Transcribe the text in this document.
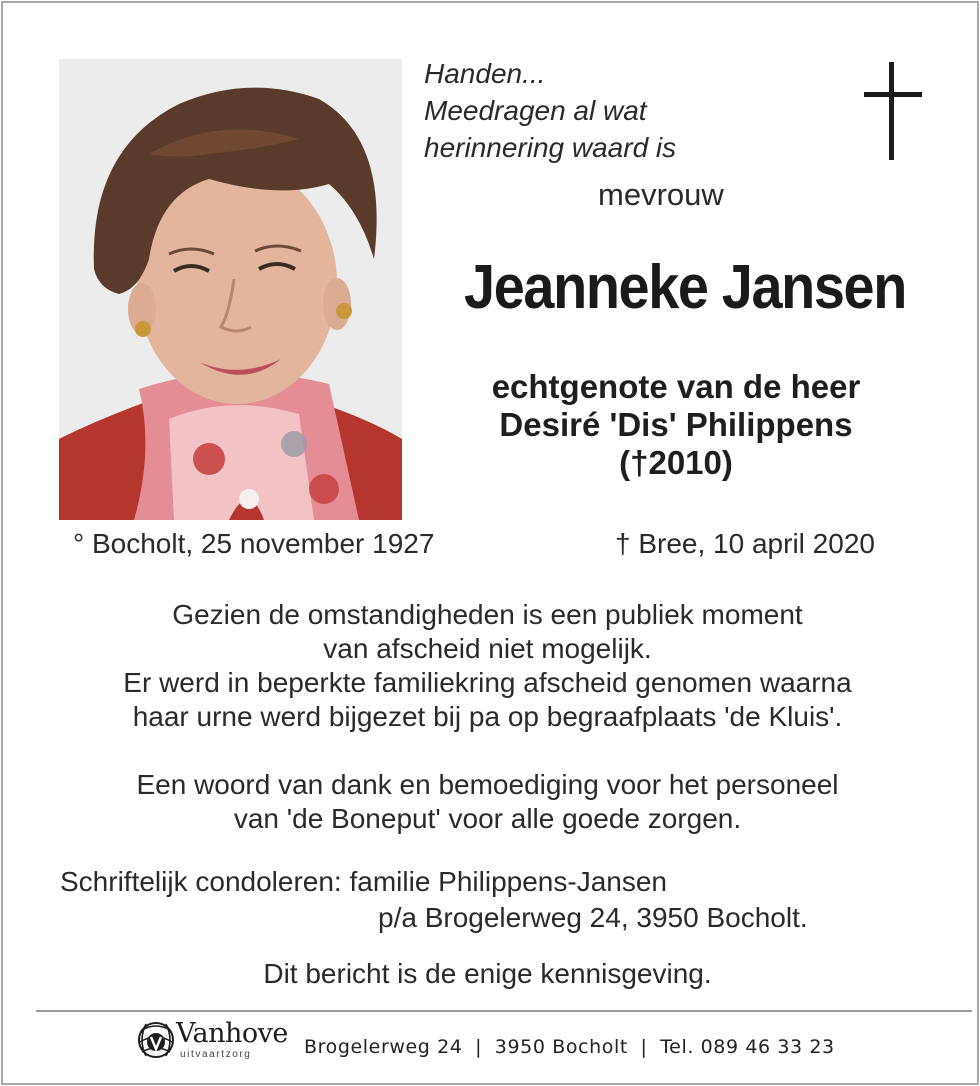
Handen...
Meedragen al wat
herinnering waard is
mevrouw
Jeanneke Jansen
echtgenote van de heer
Desiré 'Dis' Philippens
(†2010)
° Bocholt, 25 november 1927	† Bree, 10 april 2020
Gezien de omstandigheden is een publiek moment
van afscheid niet mogelijk.
Er werd in beperkte familiekring afscheid genomen waarna
haar urne werd bijgezet bij pa op begraafplaats 'de Kluis'.
Een woord van dank en bemoediging voor het personeel
van 'de Boneput' voor alle goede zorgen.
Schriftelijk condoleren: familie Philippens-Jansen
p/a Brogelerweg 24, 3950 Bocholt.
Dit bericht is de enige kennisgeving.
Vanhove
uitvaartzorg	Brogelerweg 24 | 3950 Bocholt | Tel. 089 46 33 23
